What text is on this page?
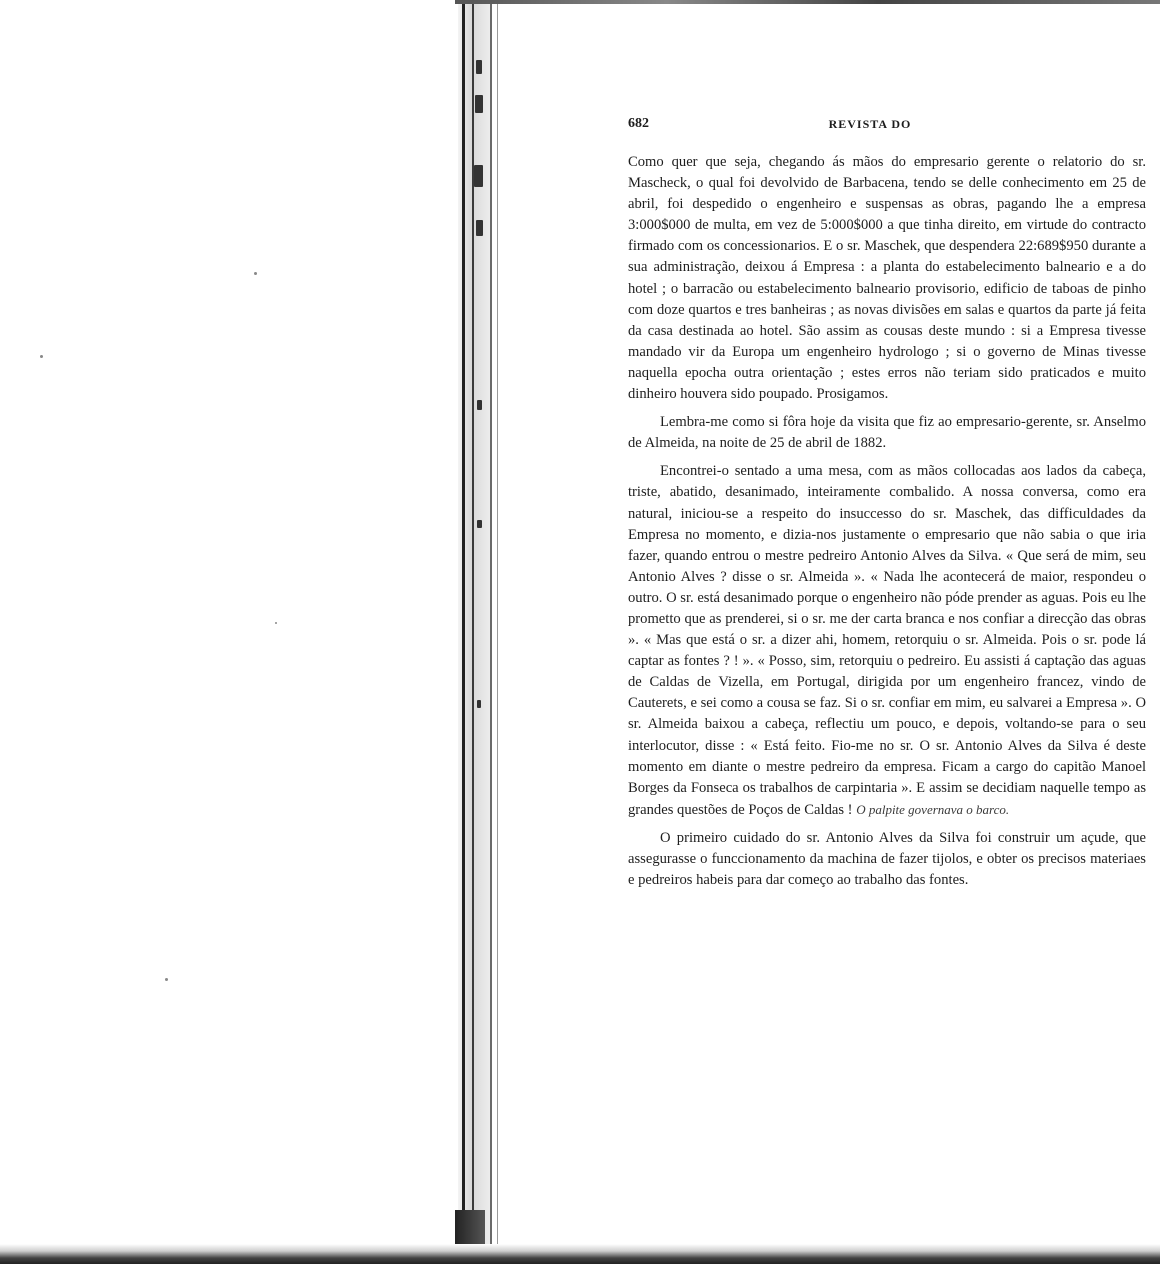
682	REVISTA DO

Como quer que seja, chegando ás mãos do empresario gerente o relatorio do sr. Mascheck, o qual foi devolvido de Barbacena, tendo se delle conhecimento em 25 de abril, foi despedido o engenheiro e suspensas as obras, pagando lhe a empresa 3:000$000 de multa, em vez de 5:000$000 a que tinha direito, em virtude do contracto firmado com os concessionarios. E o sr. Maschek, que despendera 22:689$950 durante a sua administração, deixou á Empresa : a planta do estabelecimento balneario e a do hotel ; o barracão ou estabelecimento balneario provisorio, edificio de taboas de pinho com doze quartos e tres banheiras ; as novas divisões em salas e quartos da parte já feita da casa destinada ao hotel. São assim as cousas deste mundo : si a Empresa tivesse mandado vir da Europa um engenheiro hydrologo ; si o governo de Minas tivesse naquella epocha outra orientação ; estes erros não teriam sido praticados e muito dinheiro houvera sido poupado. Prosigamos.

Lembra-me como si fôra hoje da visita que fiz ao empresario-gerente, sr. Anselmo de Almeida, na noite de 25 de abril de 1882.

Encontrei-o sentado a uma mesa, com as mãos collocadas aos lados da cabeça, triste, abatido, desanimado, inteiramente combalido. A nossa conversa, como era natural, iniciou-se a respeito do insuccesso do sr. Maschek, das difficuldades da Empresa no momento, e dizia-nos justamente o empresario que não sabia o que iria fazer, quando entrou o mestre pedreiro Antonio Alves da Silva. « Que será de mim, seu Antonio Alves ? disse o sr. Almeida ». « Nada lhe acontecerá de maior, respondeu o outro. O sr. está desanimado porque o engenheiro não póde prender as aguas. Pois eu lhe prometto que as prenderei, si o sr. me der carta branca e nos confiar a direcção das obras ». « Mas que está o sr. a dizer ahi, homem, retorquiu o sr. Almeida. Pois o sr. pode lá captar as fontes ? ! ». « Posso, sim, retorquiu o pedreiro. Eu assisti á captação das aguas de Caldas de Vizella, em Portugal, dirigida por um engenheiro francez, vindo de Cauterets, e sei como a cousa se faz. Si o sr. confiar em mim, eu salvarei a Empresa ». O sr. Almeida baixou a cabeça, reflectiu um pouco, e depois, voltando-se para o seu interlocutor, disse : « Está feito. Fio-me no sr. O sr. Antonio Alves da Silva é deste momento em diante o mestre pedreiro da empresa. Ficam a cargo do capitão Manoel Borges da Fonseca os trabalhos de carpintaria ». E assim se decidiam naquelle tempo as grandes questões de Poços de Caldas ! O palpite governava o barco.

O primeiro cuidado do sr. Antonio Alves da Silva foi construir um açude, que assegurasse o funccionamento da machina de fazer tijolos, e obter os precisos materiaes e pedreiros habeis para dar começo ao trabalho das fontes.
